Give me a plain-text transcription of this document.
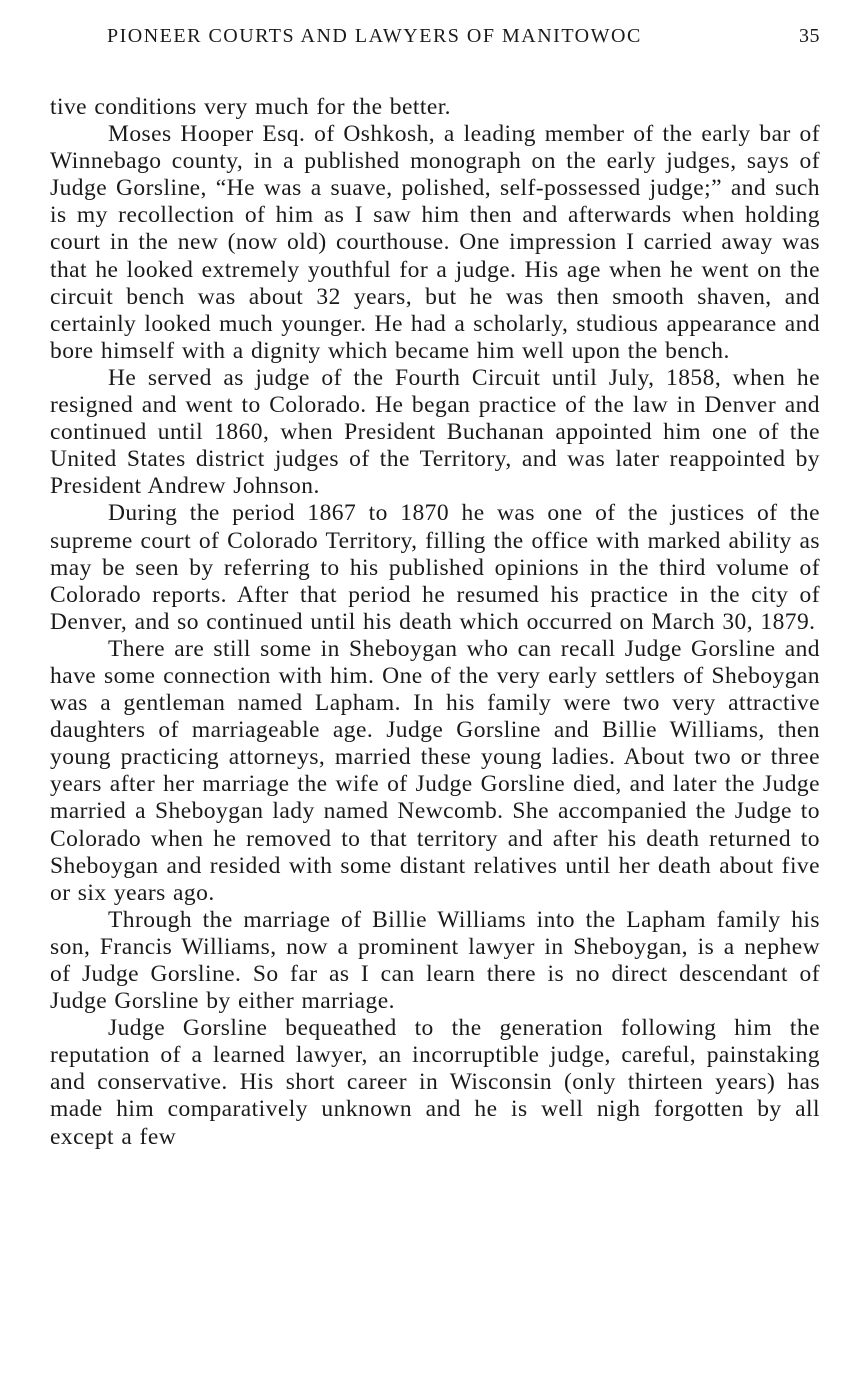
PIONEER COURTS AND LAWYERS OF MANITOWOC	35

tive conditions very much for the better.

Moses Hooper Esq. of Oshkosh, a leading member of the early bar of Winnebago county, in a published monograph on the early judges, says of Judge Gorsline, “He was a suave, polished, self-possessed judge;” and such is my recollection of him as I saw him then and afterwards when holding court in the new (now old) courthouse. One impression I carried away was that he looked extremely youthful for a judge. His age when he went on the circuit bench was about 32 years, but he was then smooth shaven, and certainly looked much younger. He had a scholarly, studious appearance and bore himself with a dignity which became him well upon the bench.

He served as judge of the Fourth Circuit until July, 1858, when he resigned and went to Colorado. He began practice of the law in Denver and continued until 1860, when President Buchanan appointed him one of the United States district judges of the Territory, and was later reappointed by President Andrew Johnson.

During the period 1867 to 1870 he was one of the justices of the supreme court of Colorado Territory, filling the office with marked ability as may be seen by referring to his published opinions in the third volume of Colorado reports. After that period he resumed his practice in the city of Denver, and so continued until his death which occurred on March 30, 1879.

There are still some in Sheboygan who can recall Judge Gorsline and have some connection with him. One of the very early settlers of Sheboygan was a gentleman named Lapham. In his family were two very attractive daughters of marriageable age. Judge Gorsline and Billie Williams, then young practicing attorneys, married these young ladies. About two or three years after her marriage the wife of Judge Gorsline died, and later the Judge married a Sheboygan lady named Newcomb. She accompanied the Judge to Colorado when he removed to that territory and after his death returned to Sheboygan and resided with some distant relatives until her death about five or six years ago.

Through the marriage of Billie Williams into the Lapham family his son, Francis Williams, now a prominent lawyer in Sheboygan, is a nephew of Judge Gorsline. So far as I can learn there is no direct descendant of Judge Gorsline by either marriage.

Judge Gorsline bequeathed to the generation following him the reputation of a learned lawyer, an incorruptible judge, careful, painstaking and conservative. His short career in Wisconsin (only thirteen years) has made him comparatively unknown and he is well nigh forgotten by all except a few
